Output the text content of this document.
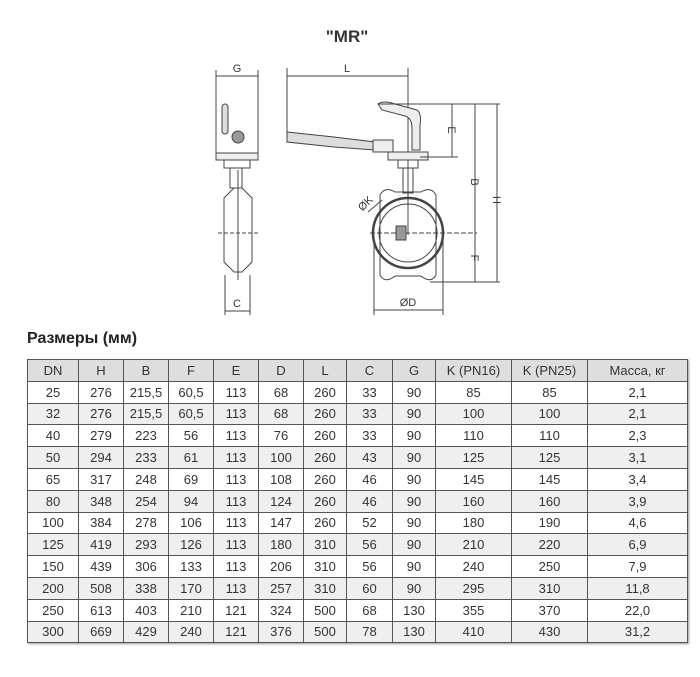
"MR"
G	L
C	ØD
ØK
E
B
H
F
Размеры (мм)
DN	H	B	F	E	D	L	C	G	K (PN16)	K (PN25)	Масса, кг
25	276	215,5	60,5	113	68	260	33	90	85	85	2,1
32	276	215,5	60,5	113	68	260	33	90	100	100	2,1
40	279	223	56	113	76	260	33	90	110	110	2,3
50	294	233	61	113	100	260	43	90	125	125	3,1
65	317	248	69	113	108	260	46	90	145	145	3,4
80	348	254	94	113	124	260	46	90	160	160	3,9
100	384	278	106	113	147	260	52	90	180	190	4,6
125	419	293	126	113	180	310	56	90	210	220	6,9
150	439	306	133	113	206	310	56	90	240	250	7,9
200	508	338	170	113	257	310	60	90	295	310	11,8
250	613	403	210	121	324	500	68	130	355	370	22,0
300	669	429	240	121	376	500	78	130	410	430	31,2
